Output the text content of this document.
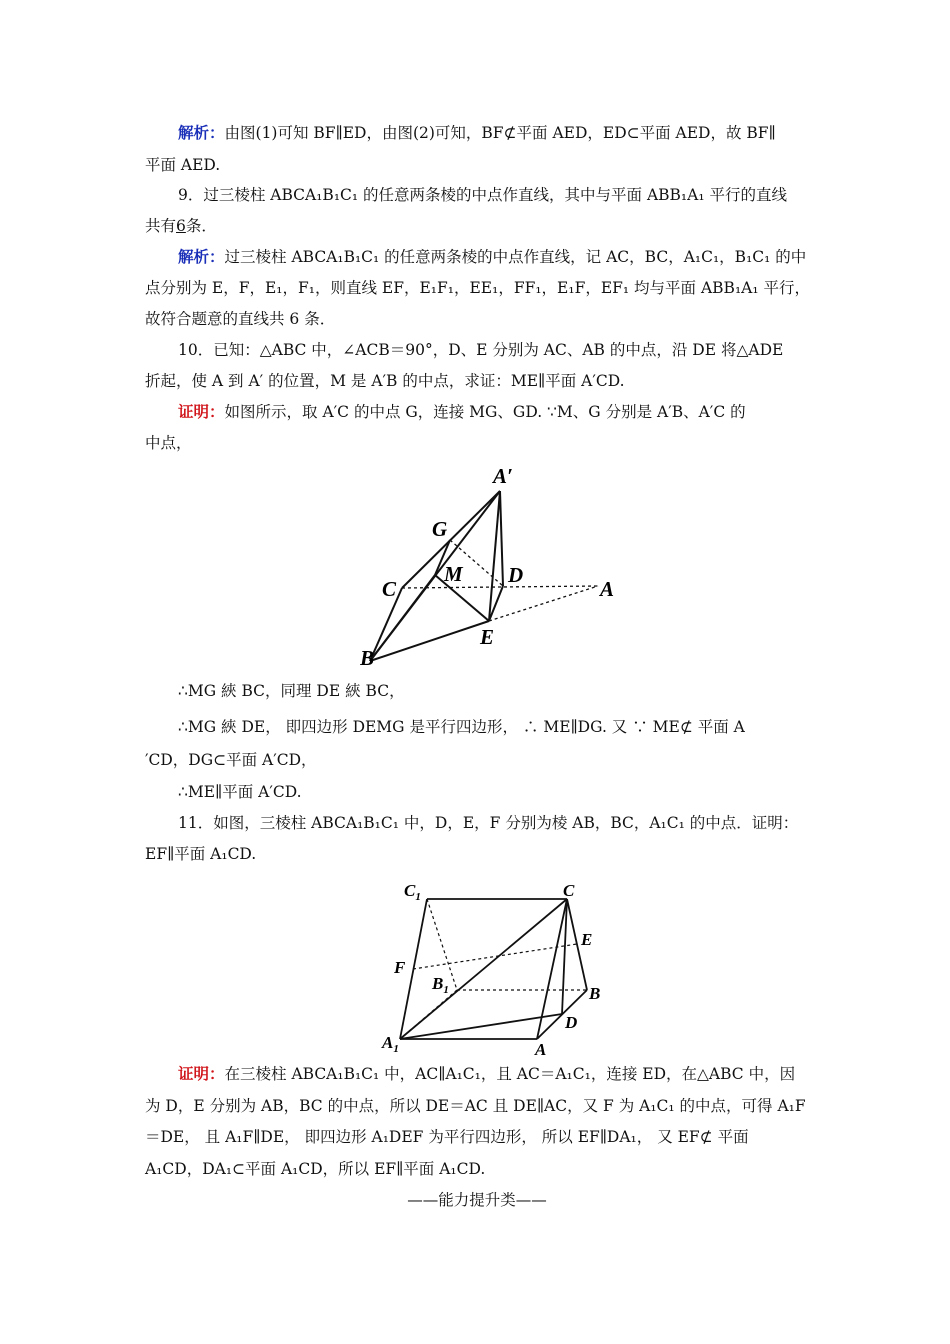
解析：由图(1)可知 BF∥ED，由图(2)可知，BF⊄平面 AED，ED⊂平面 AED，故 BF∥
平面 AED.
9．过三棱柱 ABCA₁B₁C₁ 的任意两条棱的中点作直线，其中与平面 ABB₁A₁ 平行的直线
共有6条．
解析：过三棱柱 ABCA₁B₁C₁ 的任意两条棱的中点作直线，记 AC，BC，A₁C₁，B₁C₁ 的中
点分别为 E，F，E₁，F₁，则直线 EF，E₁F₁，EE₁，FF₁，E₁F，EF₁ 均与平面 ABB₁A₁ 平行，
故符合题意的直线共 6 条．
10．已知：△ABC 中，∠ACB＝90°，D、E 分别为 AC、AB 的中点，沿 DE 将△ADE
折起，使 A 到 A′ 的位置，M 是 A′B 的中点，求证：ME∥平面 A′CD.
证明：如图所示，取 A′C 的中点 G，连接 MG、GD. ∵M、G 分别是 A′B、A′C 的
中点，
A′
G
M D
C	A
E
B
∴MG 綊 BC，同理 DE 綊 BC，
∴MG 綊 DE， 即四边形 DEMG 是平行四边形， ∴ ME∥DG. 又 ∵ ME⊄ 平面 A
′CD，DG⊂平面 A′CD，
∴ME∥平面 A′CD.
11．如图，三棱柱 ABCA₁B₁C₁ 中，D，E，F 分别为棱 AB，BC，A₁C₁ 的中点．证明：
EF∥平面 A₁CD.
$C_1$	C
E
F
$B_1$	B
D
$A_1$	A
证明：在三棱柱 ABCA₁B₁C₁ 中，AC∥A₁C₁，且 AC＝A₁C₁，连接 ED，在△ABC 中，因
为 D，E 分别为 AB，BC 的中点，所以 DE＝AC 且 DE∥AC，又 F 为 A₁C₁ 的中点，可得 A₁F
＝DE， 且 A₁F∥DE， 即四边形 A₁DEF 为平行四边形， 所以 EF∥DA₁， 又 EF⊄ 平面
A₁CD，DA₁⊂平面 A₁CD，所以 EF∥平面 A₁CD.
——能力提升类——
